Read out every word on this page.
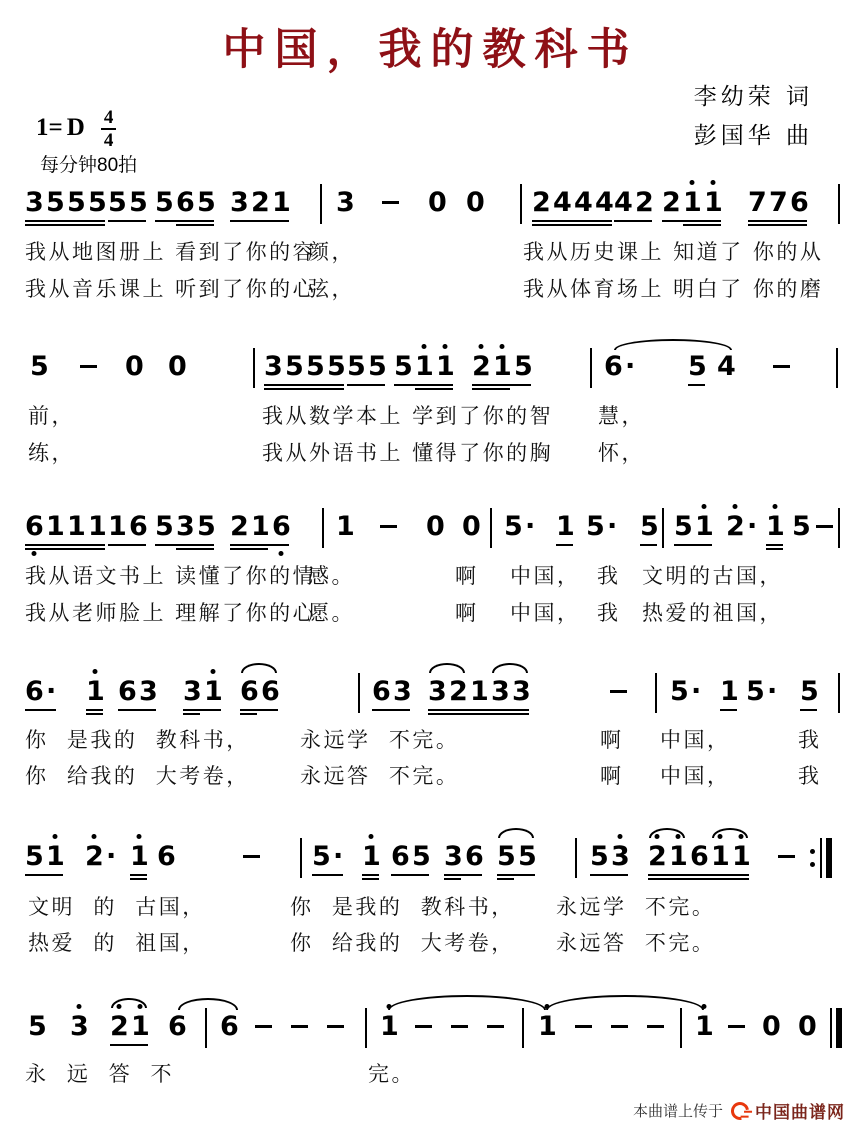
中国，我的教科书
李幼荣 词
彭国华 曲
1= D $\frac{4}{4}$
每分钟80拍
3 5 5 5 5 5 5 6 5 3 2 1 3	0 0 2 4 4 4 4 2 2 1 1 7 7 6
我从地图册上 看到了你的容
颜，	我从历史课上 知道了 你的从
我从音乐课上 听到了你的心
弦，	我从体育场上 明白了 你的磨
5	0 0	3 5 5 5 5 5 5 1 1 2 1 5	6 · 5 4
前，	我从数学本上 学到了你的智 慧，
练，	我从外语书上 懂得了你的胸 怀，
6 1 1 1 1 6 5 3 5 2 1 6 1	0 0 5 · 1 5 · 5 5 1 2 · 1 5
我从语文书上 读懂了你的情
感。	啊 中国， 我 文明的古国，
我从老师脸上 理解了你的心
愿。	啊 中国， 我 热爱的祖国，
6 · 1 6 3 3 1 6 6	6 3 3 2 1 3 3	5 · 1 5 · 5
你  是我的  教科书， 永远学  不完。	啊 中国，	我
你  给我的  大考卷， 永远答  不完。	啊 中国，	我
5 1 2 · 1 6	5 · 1 6 5 3 6 5 5 5 3 2 1 6 1 1
文明  的  古国，	你  是我的  教科书， 永远学  不完。
热爱  的  祖国，	你  给我的  大考卷， 永远答  不完。
5 3 2 1 6 6	1	1	1 0 0
永  远  答  不	完。
本曲谱上传于 中国曲谱网
